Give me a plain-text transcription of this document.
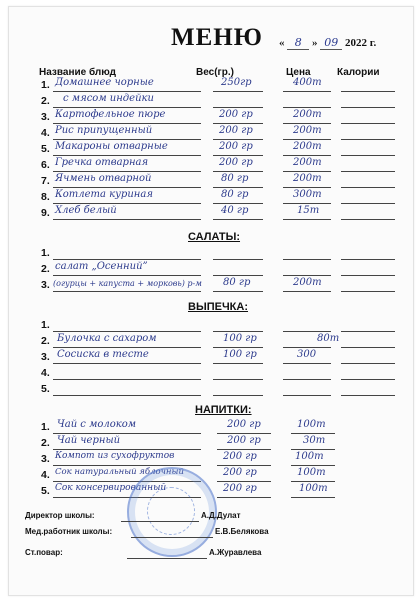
МЕНЮ « 8 » 09 2022 г.
Название блюд	Вес(гр.)	Цена	Калории
1. Домашнее чорные	250гр	400т
2. с мясом индейки
3. Картофельное пюре	200 гр	200т
4. Рис припущенный	200 гр	200т
5. Макароны отварные	200 гр	200т
6. Гречка отварная	200 гр	200т
7. Ячмень отварной	80 гр	200т
8. Котлета куриная	80 гр	300т
9. Хлеб белый	40 гр	15т
САЛАТЫ:
1.
2. салат „Осенний”
3. (огурцы + капуста + морковь) р-м 80 гр	200т
ВЫПЕЧКА:
1.
2. Булочка с сахаром	100 гр	80т
3. Сосиска в тесте	100 гр	300
4.
5.
НАПИТКИ:
1. Чай с молоком	200 гр	100т
2. Чай черный	200 гр	30т
3. Компот из сухофруктов	200 гр	100т
4. Сок натуральный яблочный	200 гр	100т
5. Сок консервированный	200 гр	100т
Директор школы:	А.Д.Дулат
Мед.работник школы:	Е.В.Белякова
Ст.повар:	А.Журавлева
